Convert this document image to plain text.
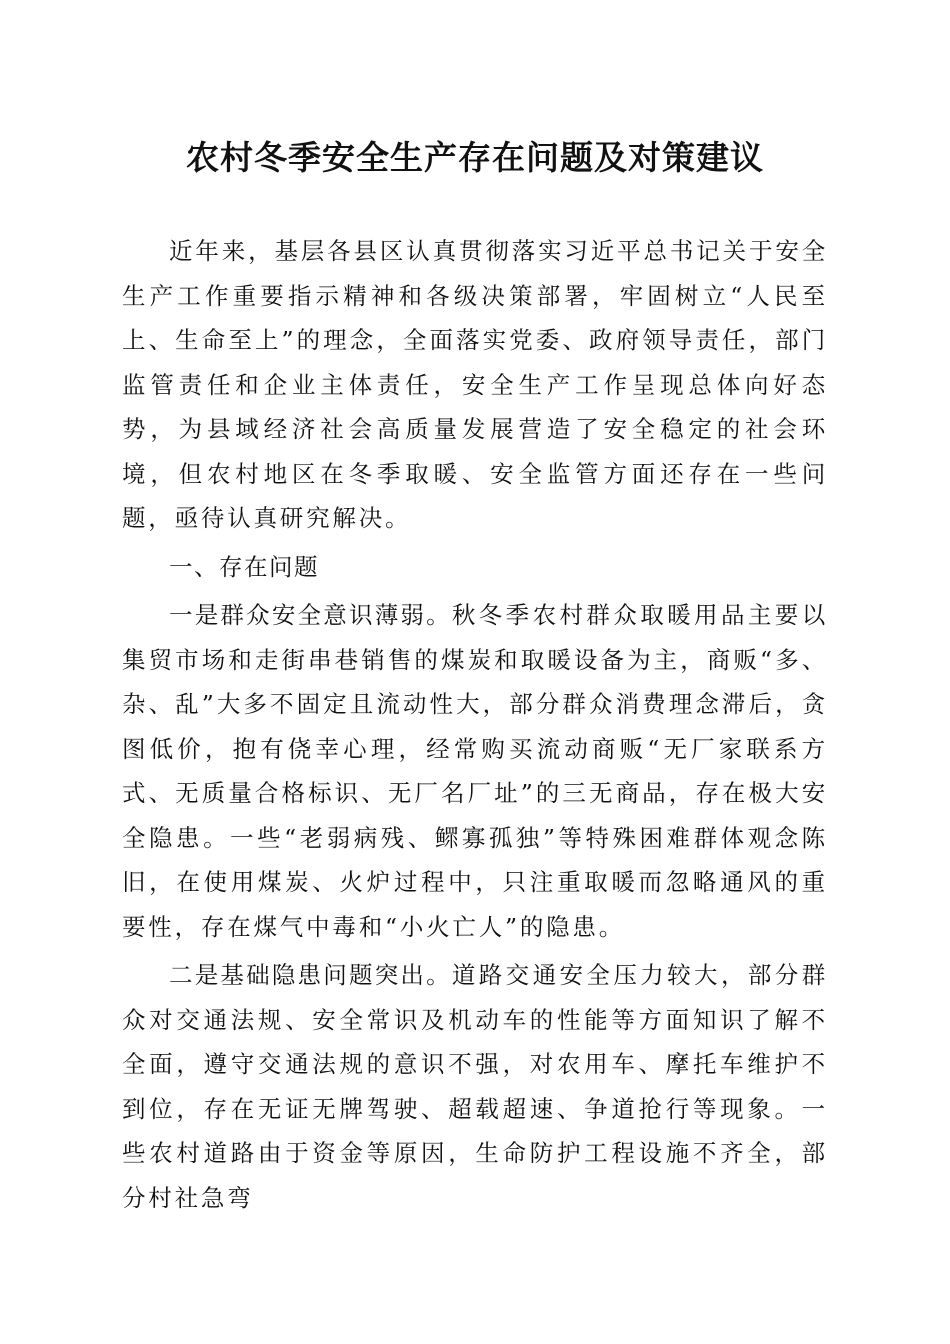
农村冬季安全生产存在问题及对策建议

近年来，基层各县区认真贯彻落实习近平总书记关于安全生产工作重要指示精神和各级决策部署，牢固树立“人民至上、生命至上”的理念，全面落实党委、政府领导责任，部门监管责任和企业主体责任，安全生产工作呈现总体向好态势，为县域经济社会高质量发展营造了安全稳定的社会环境，但农村地区在冬季取暖、安全监管方面还存在一些问题，亟待认真研究解决。

一、存在问题

一是群众安全意识薄弱。秋冬季农村群众取暖用品主要以集贸市场和走街串巷销售的煤炭和取暖设备为主，商贩“多、杂、乱”大多不固定且流动性大，部分群众消费理念滞后，贪图低价，抱有侥幸心理，经常购买流动商贩“无厂家联系方式、无质量合格标识、无厂名厂址”的三无商品，存在极大安全隐患。一些“老弱病残、鳏寡孤独”等特殊困难群体观念陈旧，在使用煤炭、火炉过程中，只注重取暖而忽略通风的重要性，存在煤气中毒和“小火亡人”的隐患。

二是基础隐患问题突出。道路交通安全压力较大，部分群众对交通法规、安全常识及机动车的性能等方面知识了解不全面，遵守交通法规的意识不强，对农用车、摩托车维护不到位，存在无证无牌驾驶、超载超速、争道抢行等现象。一些农村道路由于资金等原因，生命防护工程设施不齐全，部分村社急弯
